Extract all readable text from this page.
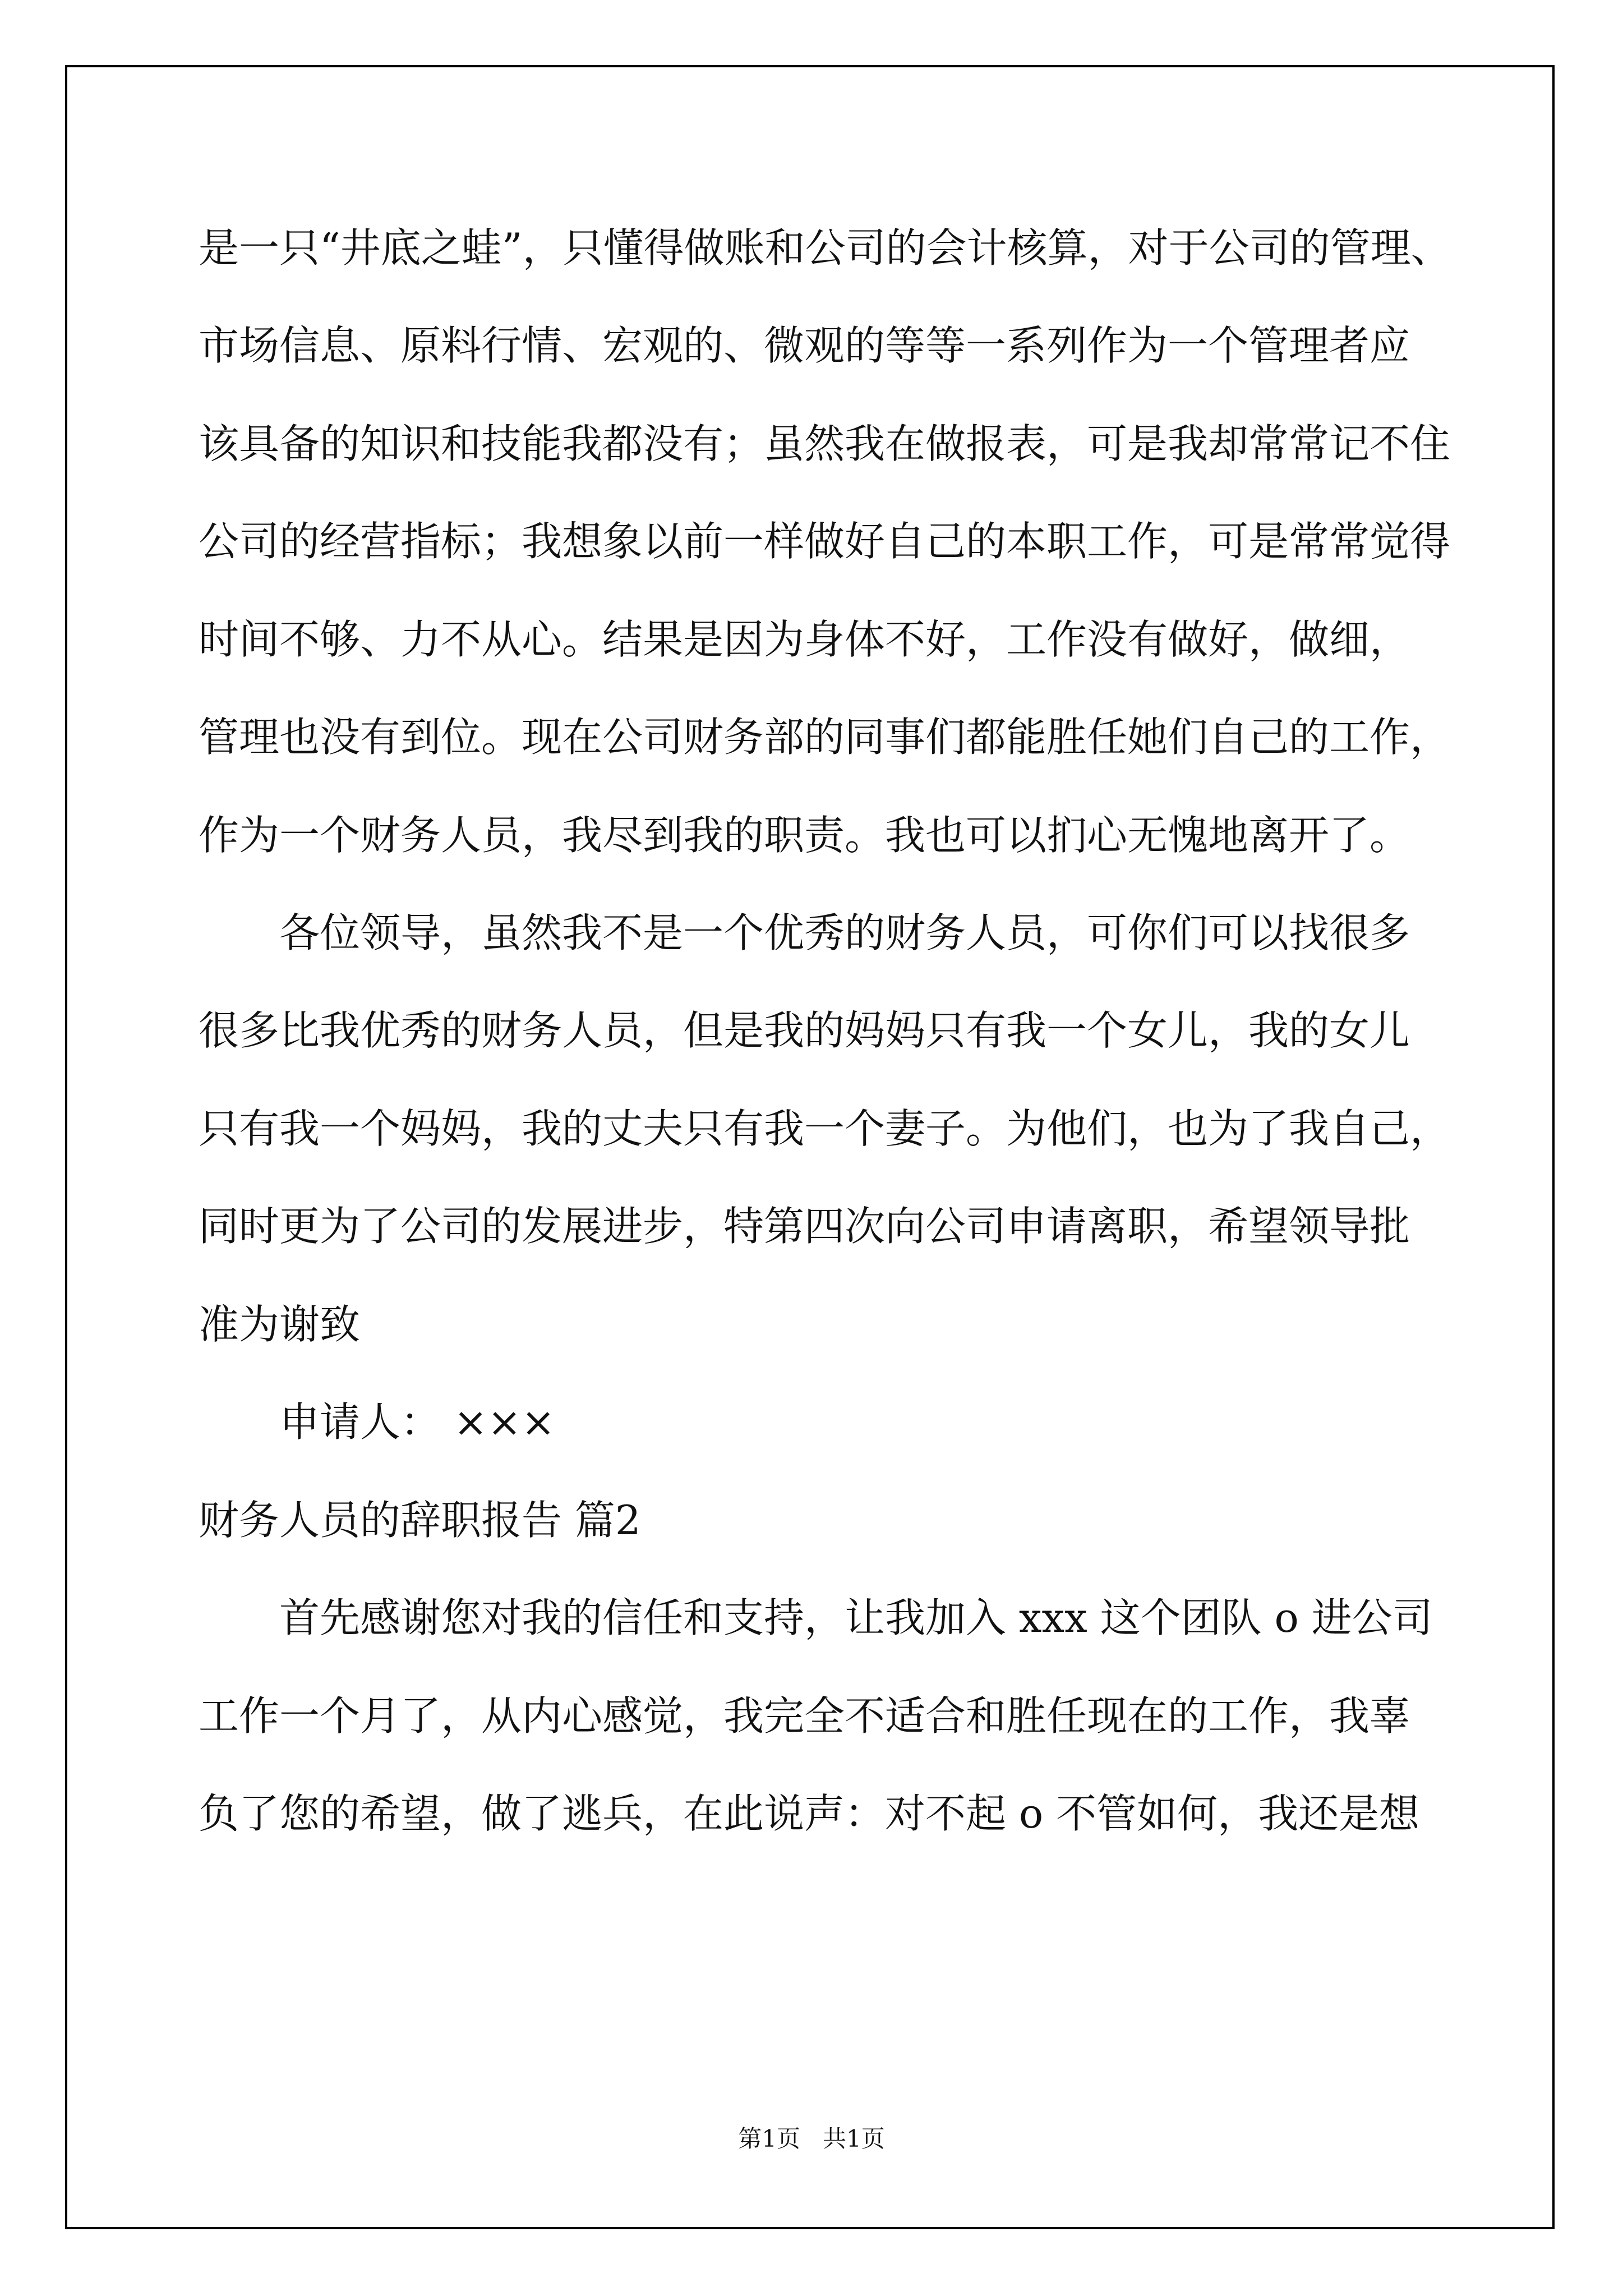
是一只“井底之蛙”，只懂得做账和公司的会计核算，对于公司的管理、
市场信息、原料行情、宏观的、微观的等等一系列作为一个管理者应
该具备的知识和技能我都没有；虽然我在做报表，可是我却常常记不住
公司的经营指标；我想象以前一样做好自己的本职工作，可是常常觉得
时间不够、力不从心。结果是因为身体不好，工作没有做好，做细，
管理也没有到位。现在公司财务部的同事们都能胜任她们自己的工作，
作为一个财务人员，我尽到我的职责。我也可以扪心无愧地离开了。
各位领导，虽然我不是一个优秀的财务人员，可你们可以找很多
很多比我优秀的财务人员，但是我的妈妈只有我一个女儿，我的女儿
只有我一个妈妈，我的丈夫只有我一个妻子。为他们，也为了我自己，
同时更为了公司的发展进步，特第四次向公司申请离职，希望领导批
准为谢致
申请人： ×××
财务人员的辞职报告 篇2
首先感谢您对我的信任和支持，让我加入 xxx 这个团队 o 进公司
工作一个月了，从内心感觉，我完全不适合和胜任现在的工作，我辜
负了您的希望，做了逃兵，在此说声：对不起 o 不管如何，我还是想
第1页   共1页
